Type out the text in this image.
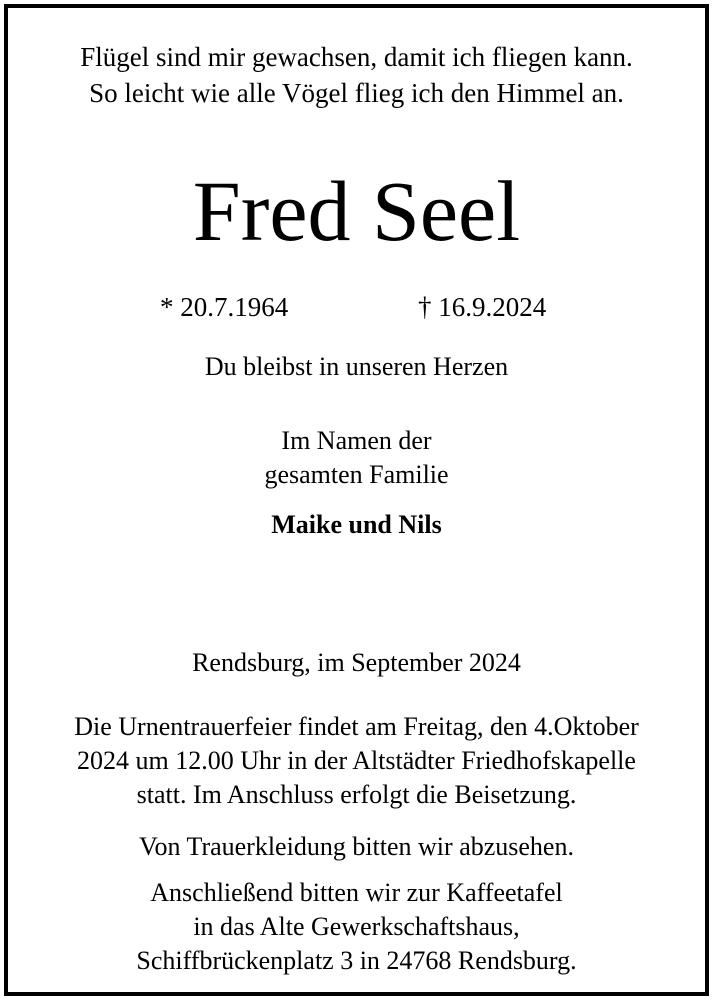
Flügel sind mir gewachsen, damit ich fliegen kann.
So leicht wie alle Vögel flieg ich den Himmel an.
Fred Seel
* 20.7.1964	† 16.9.2024
Du bleibst in unseren Herzen
Im Namen der
gesamten Familie
Maike und Nils
Rendsburg, im September 2024
Die Urnentrauerfeier findet am Freitag, den 4.Oktober
2024 um 12.00 Uhr in der Altstädter Friedhofskapelle
statt. Im Anschluss erfolgt die Beisetzung.
Von Trauerkleidung bitten wir abzusehen.
Anschließend bitten wir zur Kaffeetafel
in das Alte Gewerkschaftshaus,
Schiffbrückenplatz 3 in 24768 Rendsburg.
